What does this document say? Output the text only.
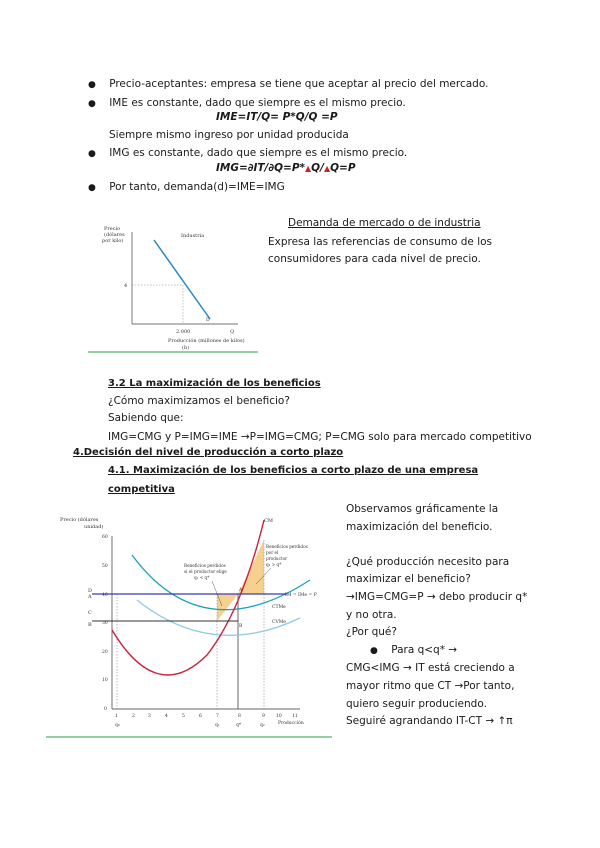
● Precio-aceptantes: empresa se tiene que aceptar al precio del mercado.
● IME es constante, dado que siempre es el mismo precio.
IME=IT/Q= P*Q/Q =P
Siempre mismo ingreso por unidad producida
● IMG es constante, dado que siempre es el mismo precio.
IMG=∂IT/∂Q=P*▲Q/▲Q=P
● Por tanto, demanda(d)=IME=IMG
Precio
(dólares
por kilo)
Industria
4
2.000	Q
D
Producción (millones de kilos)
(b)
Demanda de mercado o de industria
Expresa las referencias de consumo de los
consumidores para cada nivel de precio.
3.2 La maximización de los beneficios
¿Cómo maximizamos el beneficio?
Sabiendo que:
IMG=CMG y P=IMG=IME →P=IMG=CMG; P=CMG solo para mercado competitivo
4.Decisión del nivel de producción a corto plazo
4.1. Maximización de los beneficios a corto plazo de una empresa
competitiva
Precio (dólares
unidad)
60
50
40
30
20
10
0
1	2	3	4	5	6	7	8	9 10 11
Producción
q₀	q₁	q*	q₂
D
A
C
B
A
B
CM
IM = IMe = P
CTMe
CVMe
Beneficios perdidos
si el productor elige
q₁ < q*
Beneficios perdidos
por el
productor
q₂ > q*
Observamos gráficamente la
maximización del beneficio.

¿Qué producción necesito para
maximizar el beneficio?
→IMG=CMG=P → debo producir q*
y no otra.
¿Por qué?
● Para q<q* →
CMG<IMG → IT está creciendo a
mayor ritmo que CT →Por tanto,
quiero seguir produciendo.
Seguiré agrandando IT-CT → ↑π
